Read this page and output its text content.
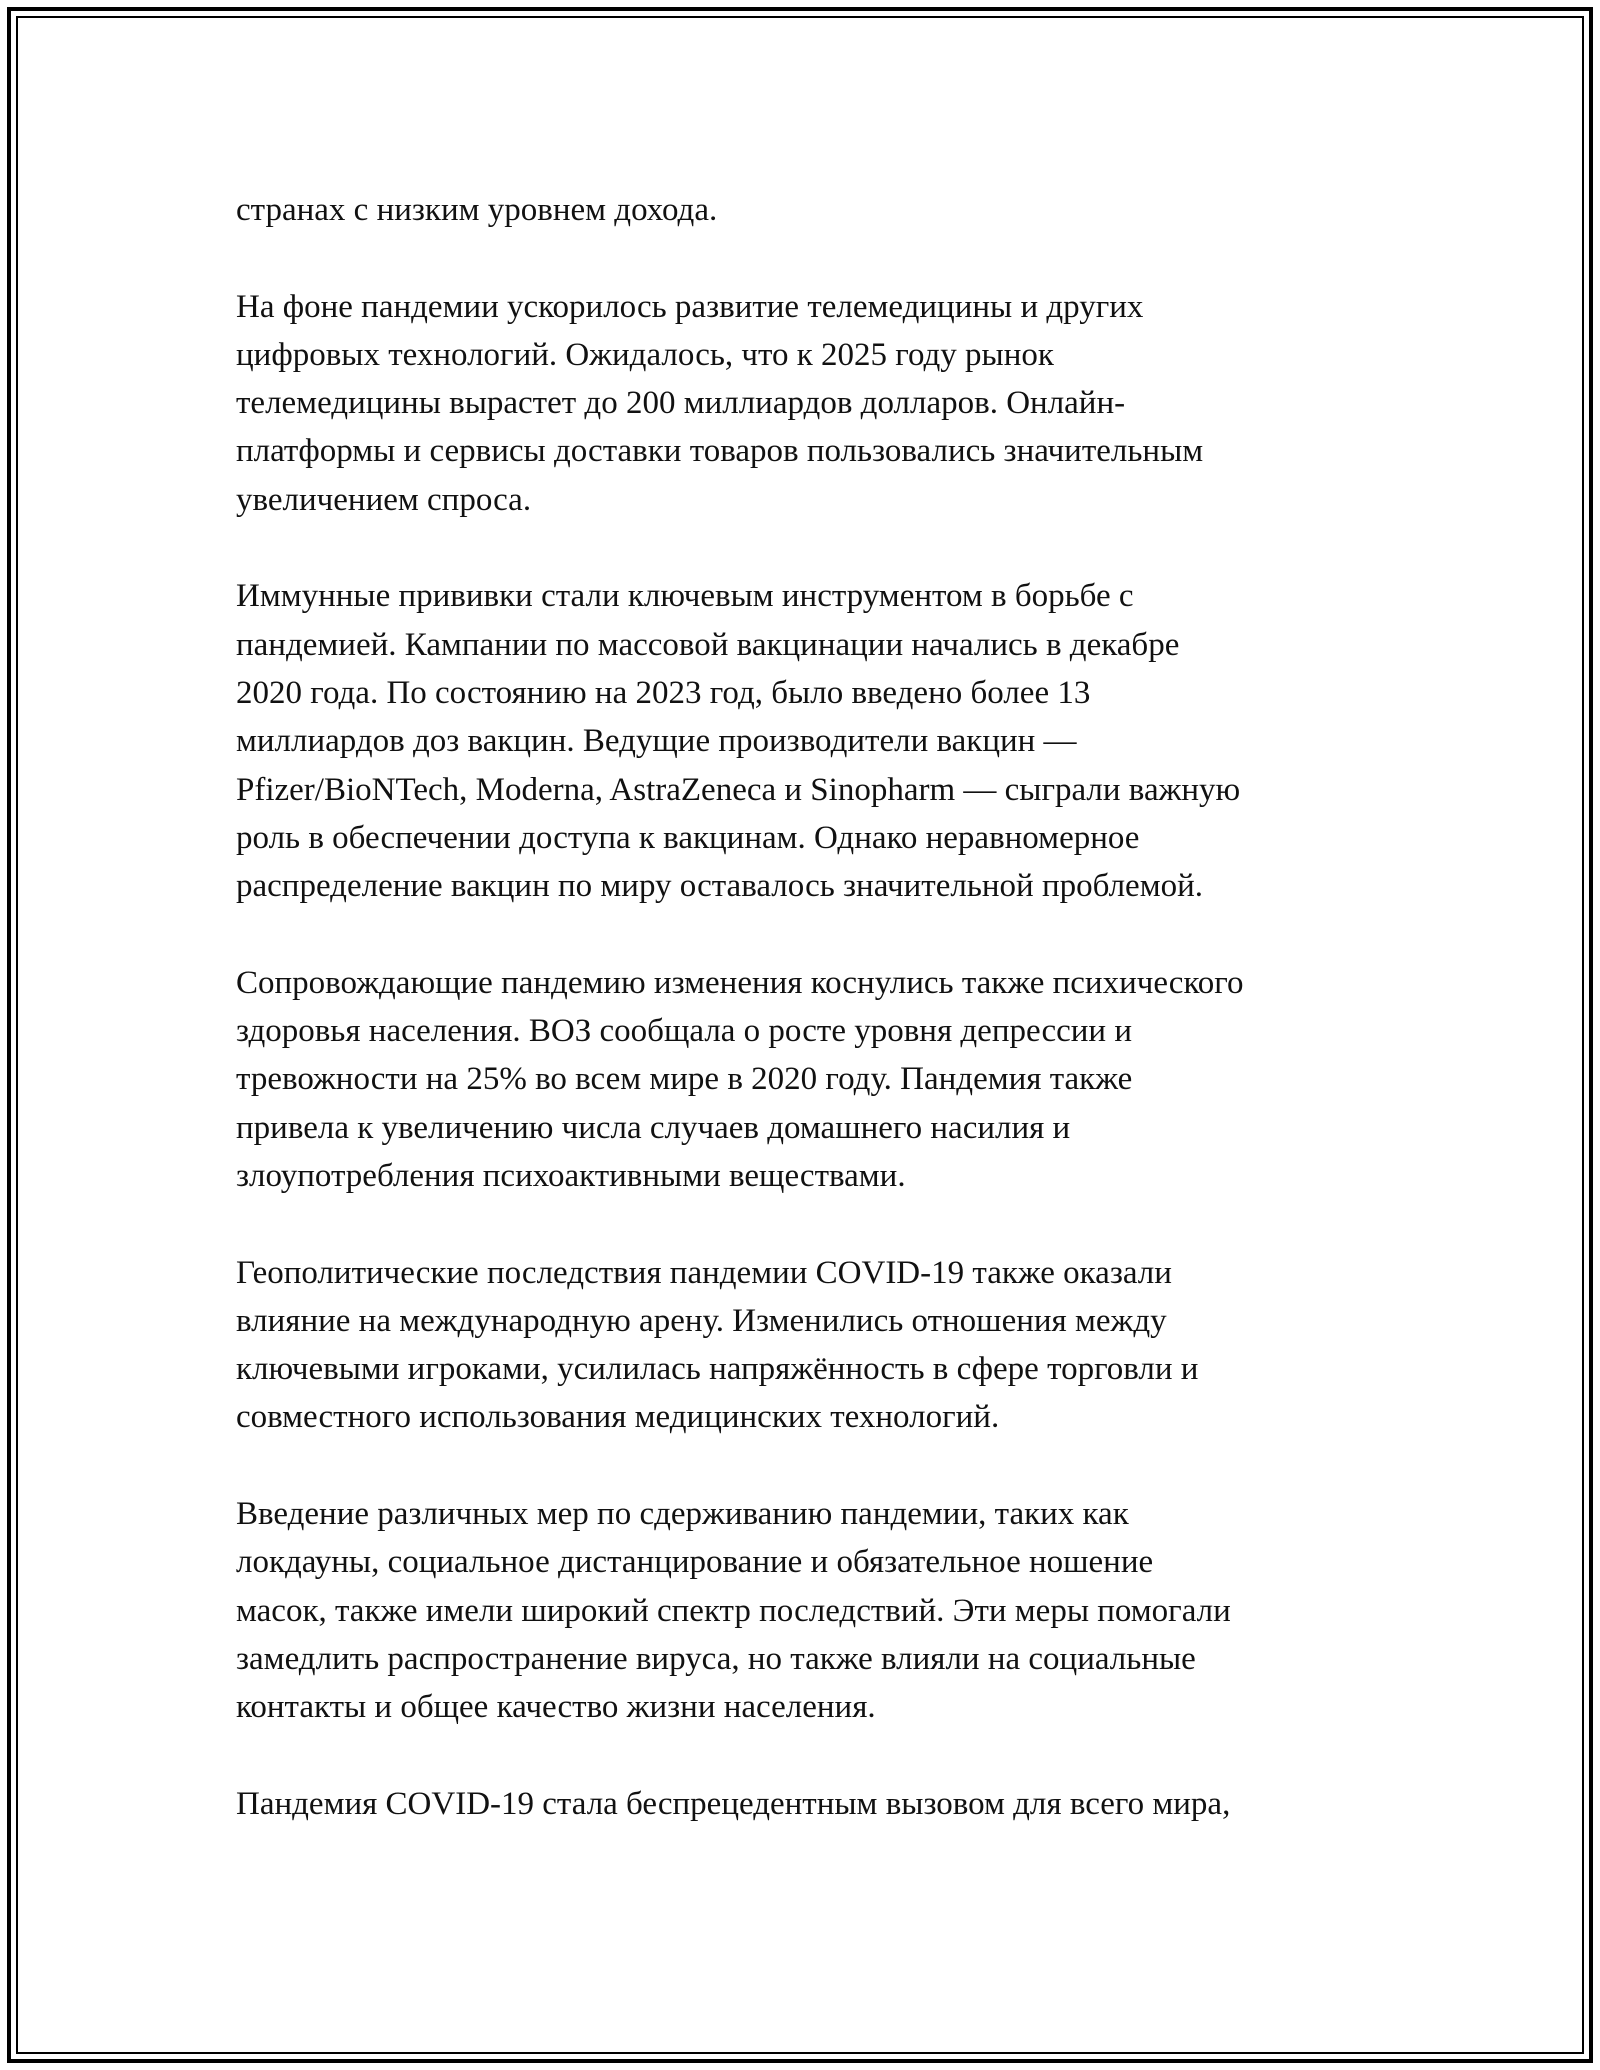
странах с низким уровнем дохода.

На фоне пандемии ускорилось развитие телемедицины и других
цифровых технологий. Ожидалось, что к 2025 году рынок
телемедицины вырастет до 200 миллиардов долларов. Онлайн-
платформы и сервисы доставки товаров пользовались значительным
увеличением спроса.

Иммунные прививки стали ключевым инструментом в борьбе с
пандемией. Кампании по массовой вакцинации начались в декабре
2020 года. По состоянию на 2023 год, было введено более 13
миллиардов доз вакцин. Ведущие производители вакцин —
Pfizer/BioNTech, Moderna, AstraZeneca и Sinopharm — сыграли важную
роль в обеспечении доступа к вакцинам. Однако неравномерное
распределение вакцин по миру оставалось значительной проблемой.

Сопровождающие пандемию изменения коснулись также психического
здоровья населения. ВОЗ сообщала о росте уровня депрессии и
тревожности на 25% во всем мире в 2020 году. Пандемия также
привела к увеличению числа случаев домашнего насилия и
злоупотребления психоактивными веществами.

Геополитические последствия пандемии COVID-19 также оказали
влияние на международную арену. Изменились отношения между
ключевыми игроками, усилилась напряжённость в сфере торговли и
совместного использования медицинских технологий.

Введение различных мер по сдерживанию пандемии, таких как
локдауны, социальное дистанцирование и обязательное ношение
масок, также имели широкий спектр последствий. Эти меры помогали
замедлить распространение вируса, но также влияли на социальные
контакты и общее качество жизни населения.

Пандемия COVID-19 стала беспрецедентным вызовом для всего мира,
